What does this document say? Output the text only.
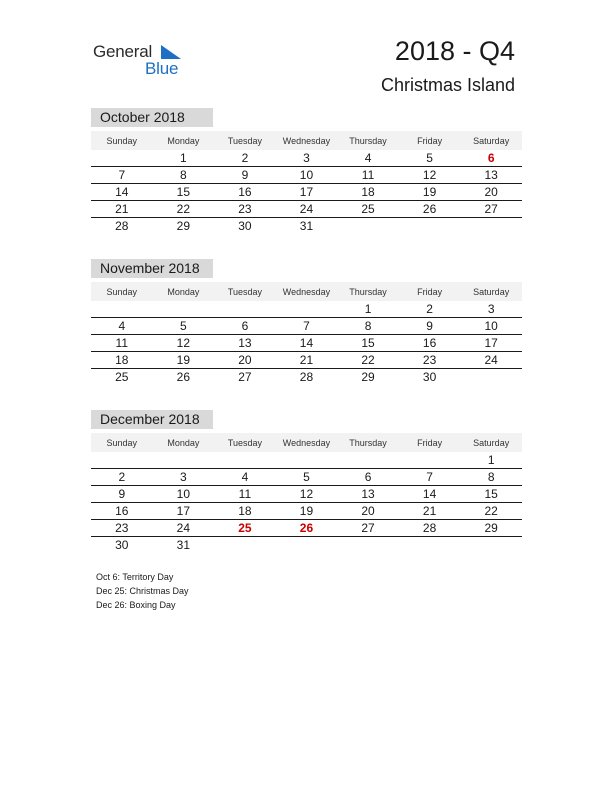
General
Blue
2018 - Q4
Christmas Island
October 2018
Sunday	Monday	Tuesday	Wednesday	Thursday	Friday	Saturday
	1	2	3	4	5	6
7	8	9	10	11	12	13
14	15	16	17	18	19	20
21	22	23	24	25	26	27
28	29	30	31			
November 2018
Sunday	Monday	Tuesday	Wednesday	Thursday	Friday	Saturday
				1	2	3
4	5	6	7	8	9	10
11	12	13	14	15	16	17
18	19	20	21	22	23	24
25	26	27	28	29	30	
December 2018
Sunday	Monday	Tuesday	Wednesday	Thursday	Friday	Saturday
						1
2	3	4	5	6	7	8
9	10	11	12	13	14	15
16	17	18	19	20	21	22
23	24	25	26	27	28	29
30	31					
Oct 6: Territory Day
Dec 25: Christmas Day
Dec 26: Boxing Day
